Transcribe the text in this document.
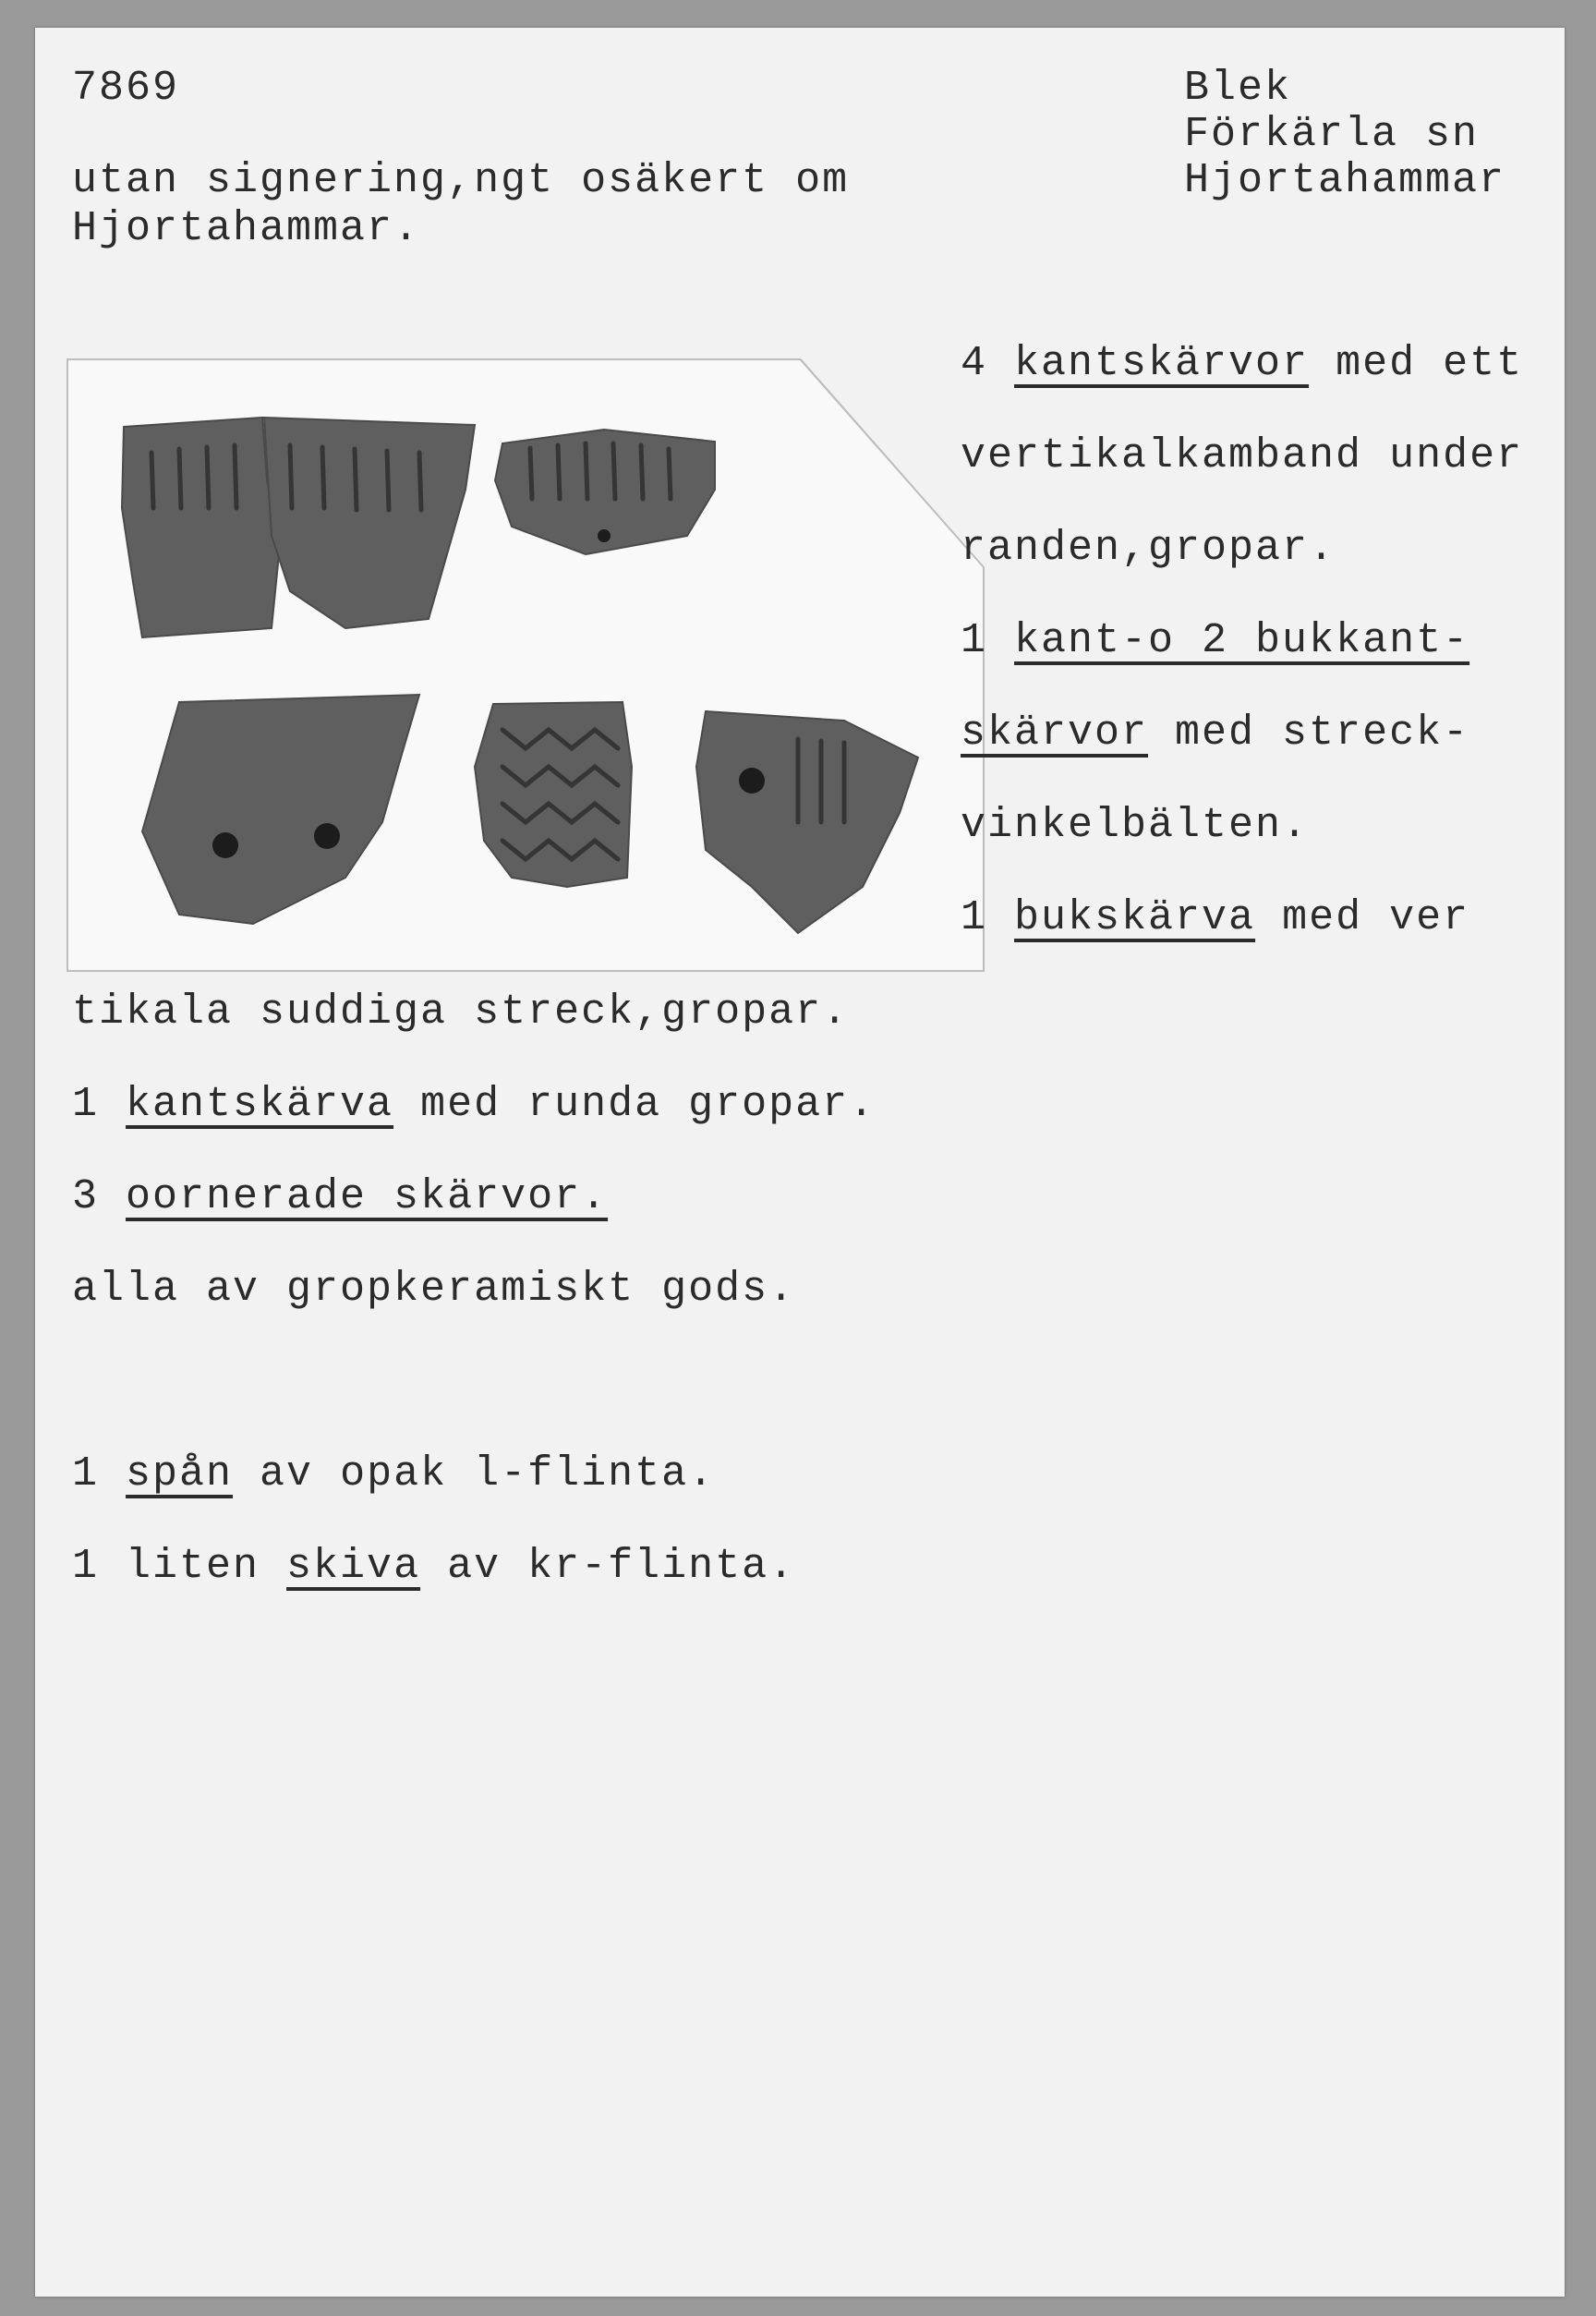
7869
utan signering,ngt osäkert om
Hjortahammar.
Blek
Förkärla sn
Hjortahammar
4 kantskärvor med ett
vertikalkamband under
randen,gropar.
1 kant-o 2 bukkant-
skärvor med streck-
vinkelbälten.
1 bukskärva med ver
tikala suddiga streck,gropar.
1 kantskärva med runda gropar.
3 oornerade skärvor.
alla av gropkeramiskt gods.
1 spån av opak l-flinta.
1 liten skiva av kr-flinta.
